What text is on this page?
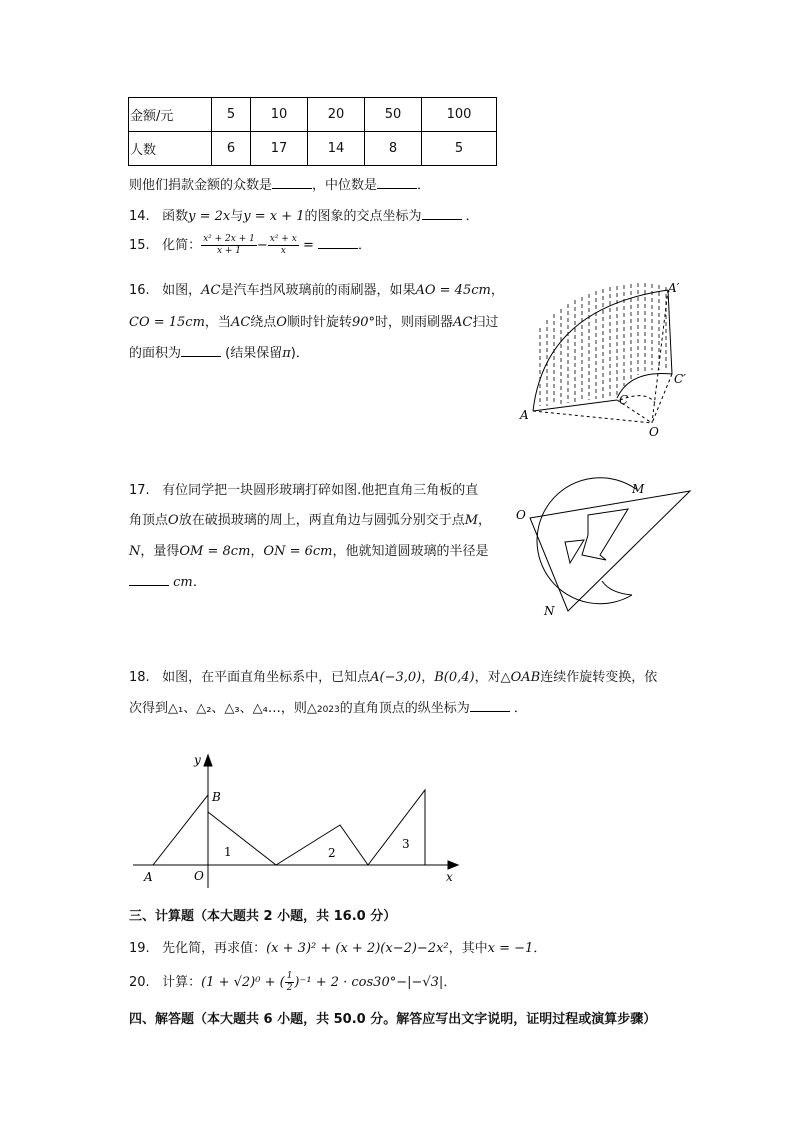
金额/元	5	10	20	50	100
人数	6	17	14	8	5
则他们捐款金额的众数是	，中位数是	．
14. 函数y = 2x与y = x + 1的图象的交点坐标为	．
15. 化简： $\frac{\text{x² + 2x + 1}}{x + 1} - \frac{\text{x² + x}}{x}$ =	．
16. 如图，AC是汽车挡风玻璃前的雨刷器，如果AO = 45cm，
CO = 15cm，当AC绕点O顺时针旋转90°时，则雨刷器AC扫过
的面积为	(结果保留π)．
A
C
O
A′
C′
17. 有位同学把一块圆形玻璃打碎如图.他把直角三角板的直
角顶点O放在破损玻璃的周上，两直角边与圆弧分别交于点M，
N，量得OM = 8cm，ON = 6cm，他就知道圆玻璃的半径是
cm．
M
O
N
18. 如图，在平面直角坐标系中，已知点A(−3,0)，B(0,4)，对△OAB连续作旋转变换，依
次得到△₁、△₂、△₃、△₄…，则△2023的直角顶点的纵坐标为	．
y
x
B
A	O
1	2
3
三、计算题（本大题共 2 小题，共 16.0 分）
19. 先化简，再求值：(x + 3)² + (x + 2)(x−2)−2x²，其中x = −1．
20. 计算：(1 + √2)⁰ + ( $\frac{1}{2} )^{-1} + 2 \cdot \cos 30^\circ-|-√3|$．
四、解答题（本大题共 6 小题，共 50.0 分。解答应写出文字说明，证明过程或演算步骤）
